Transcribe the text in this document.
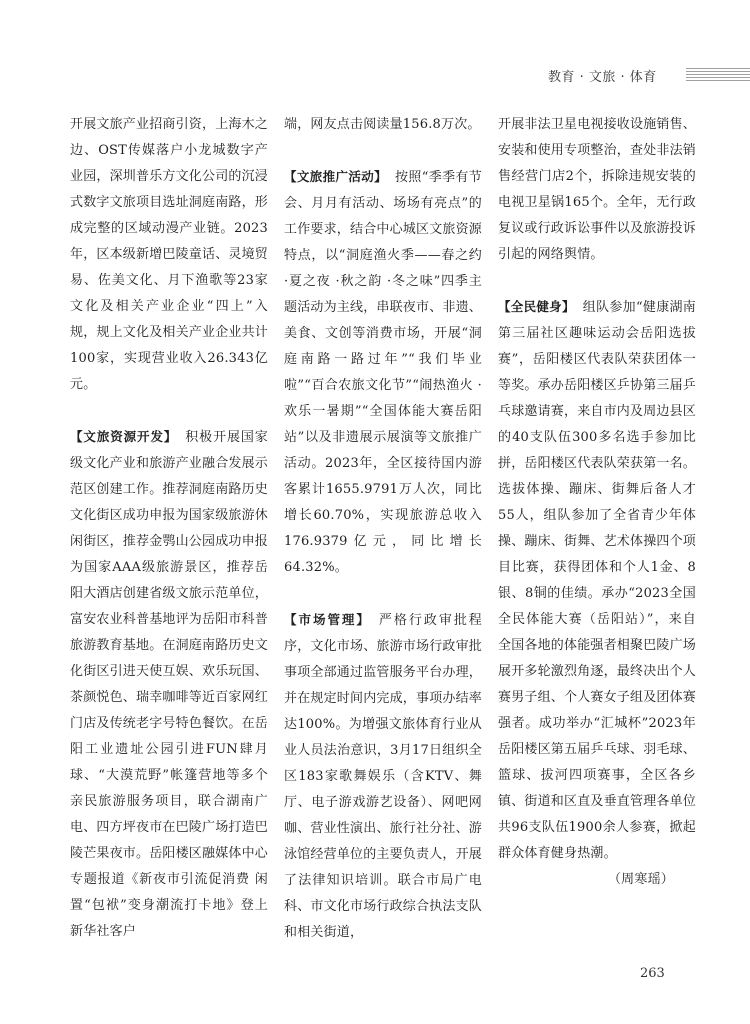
教育 · 文旅 · 体育

开展文旅产业招商引资，上海木之边、OST传媒落户小龙城数字产业园，深圳普乐方文化公司的沉浸式数字文旅项目选址洞庭南路，形成完整的区域动漫产业链。2023年，区本级新增巴陵童话、灵境贸易、佐美文化、月下渔歌等23家文化及相关产业企业“四上”入规，规上文化及相关产业企业共计100家，实现营业收入26.343亿元。

【文旅资源开发】 积极开展国家级文化产业和旅游产业融合发展示范区创建工作。推荐洞庭南路历史文化街区成功申报为国家级旅游休闲街区，推荐金鹗山公园成功申报为国家AAA级旅游景区，推荐岳阳大酒店创建省级文旅示范单位，富安农业科普基地评为岳阳市科普旅游教育基地。在洞庭南路历史文化街区引进天使互娱、欢乐玩国、茶颜悦色、瑞幸咖啡等近百家网红门店及传统老字号特色餐饮。在岳阳工业遗址公园引进FUN肆月球、“大漠荒野”帐篷营地等多个亲民旅游服务项目，联合湖南广电、四方坪夜市在巴陵广场打造巴陵芒果夜市。岳阳楼区融媒体中心专题报道《新夜市引流促消费 闲置“包袱”变身潮流打卡地》登上新华社客户

端，网友点击阅读量156.8万次。

【文旅推广活动】 按照“季季有节会、月月有活动、场场有亮点”的工作要求，结合中心城区文旅资源特点，以“洞庭渔火季——春之约 ·夏之夜 ·秋之韵 ·冬之味”四季主题活动为主线，串联夜市、非遗、美食、文创等消费市场，开展“洞庭南路一路过年”“我们毕业啦”“百合农旅文化节”“闹热渔火 ·欢乐一暑期”“全国体能大赛岳阳站”以及非遗展示展演等文旅推广活动。2023年，全区接待国内游客累计1655.9791万人次，同比增长60.70%，实现旅游总收入176.9379亿元，同比增长64.32%。

【市场管理】 严格行政审批程序，文化市场、旅游市场行政审批事项全部通过监管服务平台办理，并在规定时间内完成，事项办结率达100%。为增强文旅体育行业从业人员法治意识，3月17日组织全区183家歌舞娱乐（含KTV、舞厅、电子游戏游艺设备）、网吧网咖、营业性演出、旅行社分社、游泳馆经营单位的主要负责人，开展了法律知识培训。联合市局广电科、市文化市场行政综合执法支队和相关街道，

开展非法卫星电视接收设施销售、安装和使用专项整治，查处非法销售经营门店2个，拆除违规安装的电视卫星锅165个。全年，无行政复议或行政诉讼事件以及旅游投诉引起的网络舆情。

【全民健身】 组队参加“健康湖南第三届社区趣味运动会岳阳选拔赛”，岳阳楼区代表队荣获团体一等奖。承办岳阳楼区乒协第三届乒乓球邀请赛，来自市内及周边县区的40支队伍300多名选手参加比拼，岳阳楼区代表队荣获第一名。选拔体操、蹦床、街舞后备人才55人，组队参加了全省青少年体操、蹦床、街舞、艺术体操四个项目比赛，获得团体和个人1金、8银、8铜的佳绩。承办“2023全国全民体能大赛（岳阳站）”，来自全国各地的体能强者相聚巴陵广场展开多轮激烈角逐，最终决出个人赛男子组、个人赛女子组及团体赛强者。成功举办“汇城杯”2023年岳阳楼区第五届乒乓球、羽毛球、篮球、拔河四项赛事，全区各乡镇、街道和区直及垂直管理各单位共96支队伍1900余人参赛，掀起群众体育健身热潮。
（周寒瑶）

263
